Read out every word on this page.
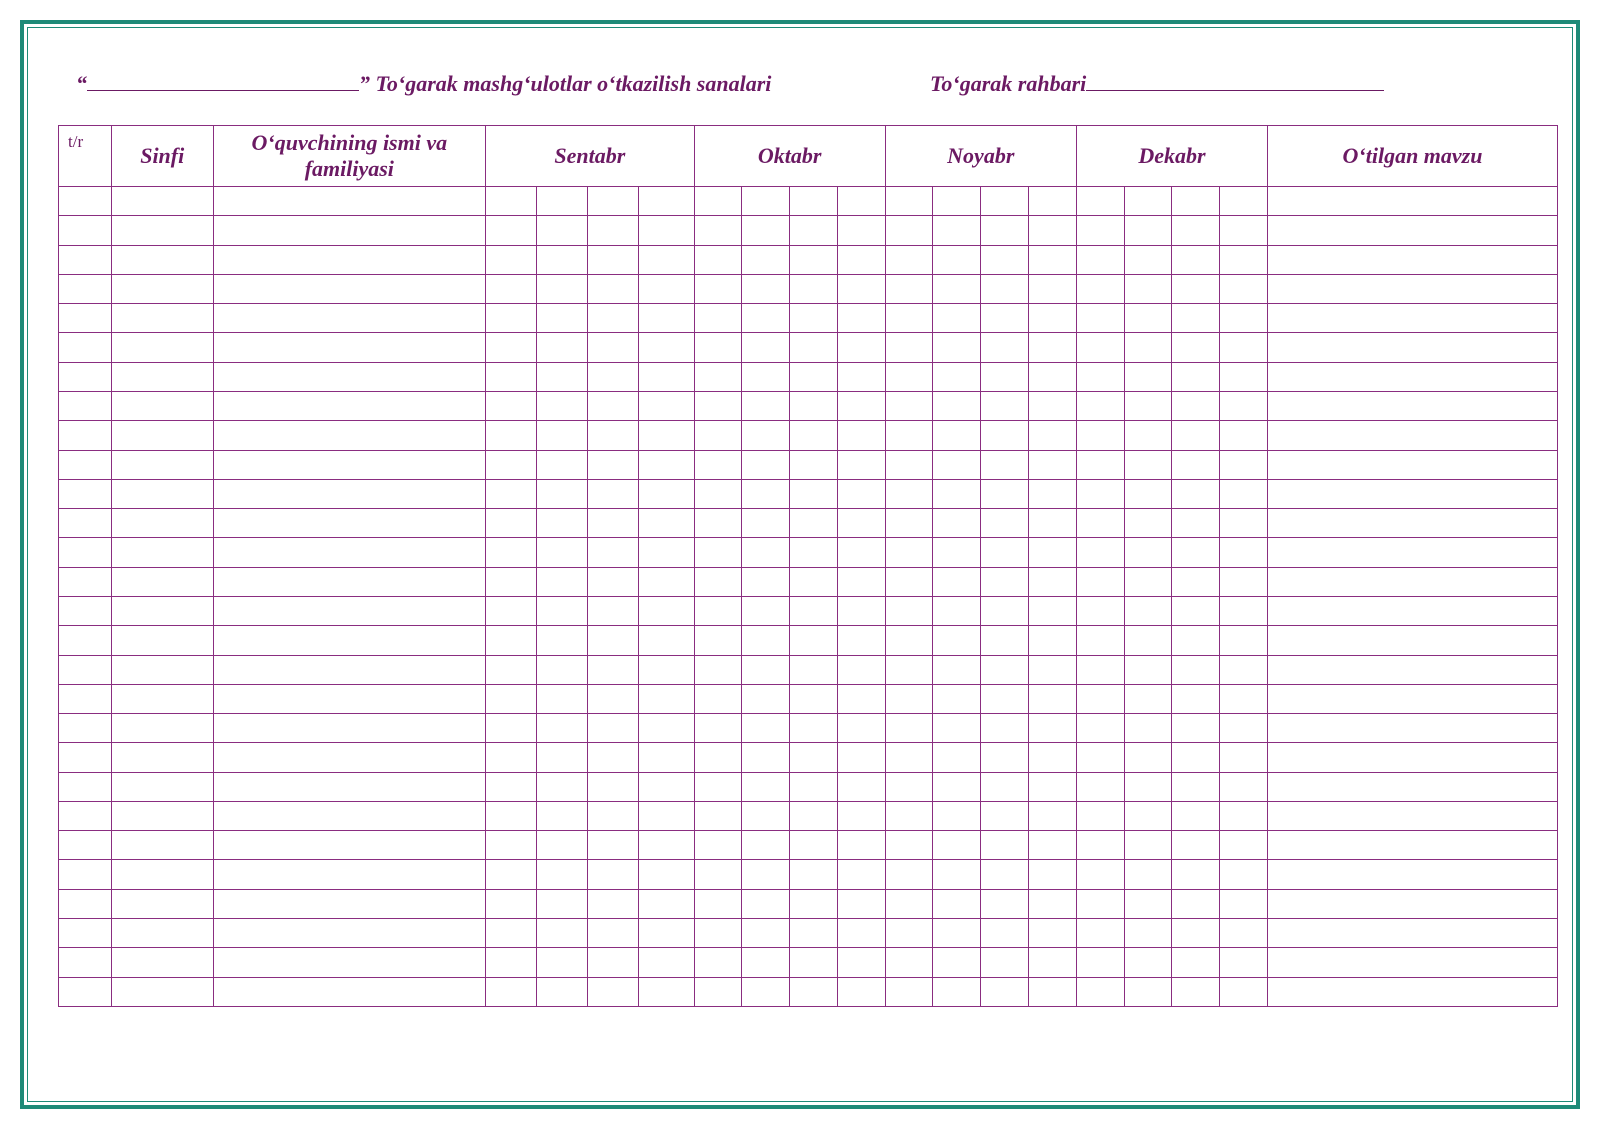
“	” To‘garak mashg‘ulotlar o‘tkazilish sanalari	To‘garak rahbari
t/r	Sinfi	O‘quvchining ismi va familiyasi	Sentabr				Oktabr				Noyabr				Dekabr				O‘tilgan mavzu
